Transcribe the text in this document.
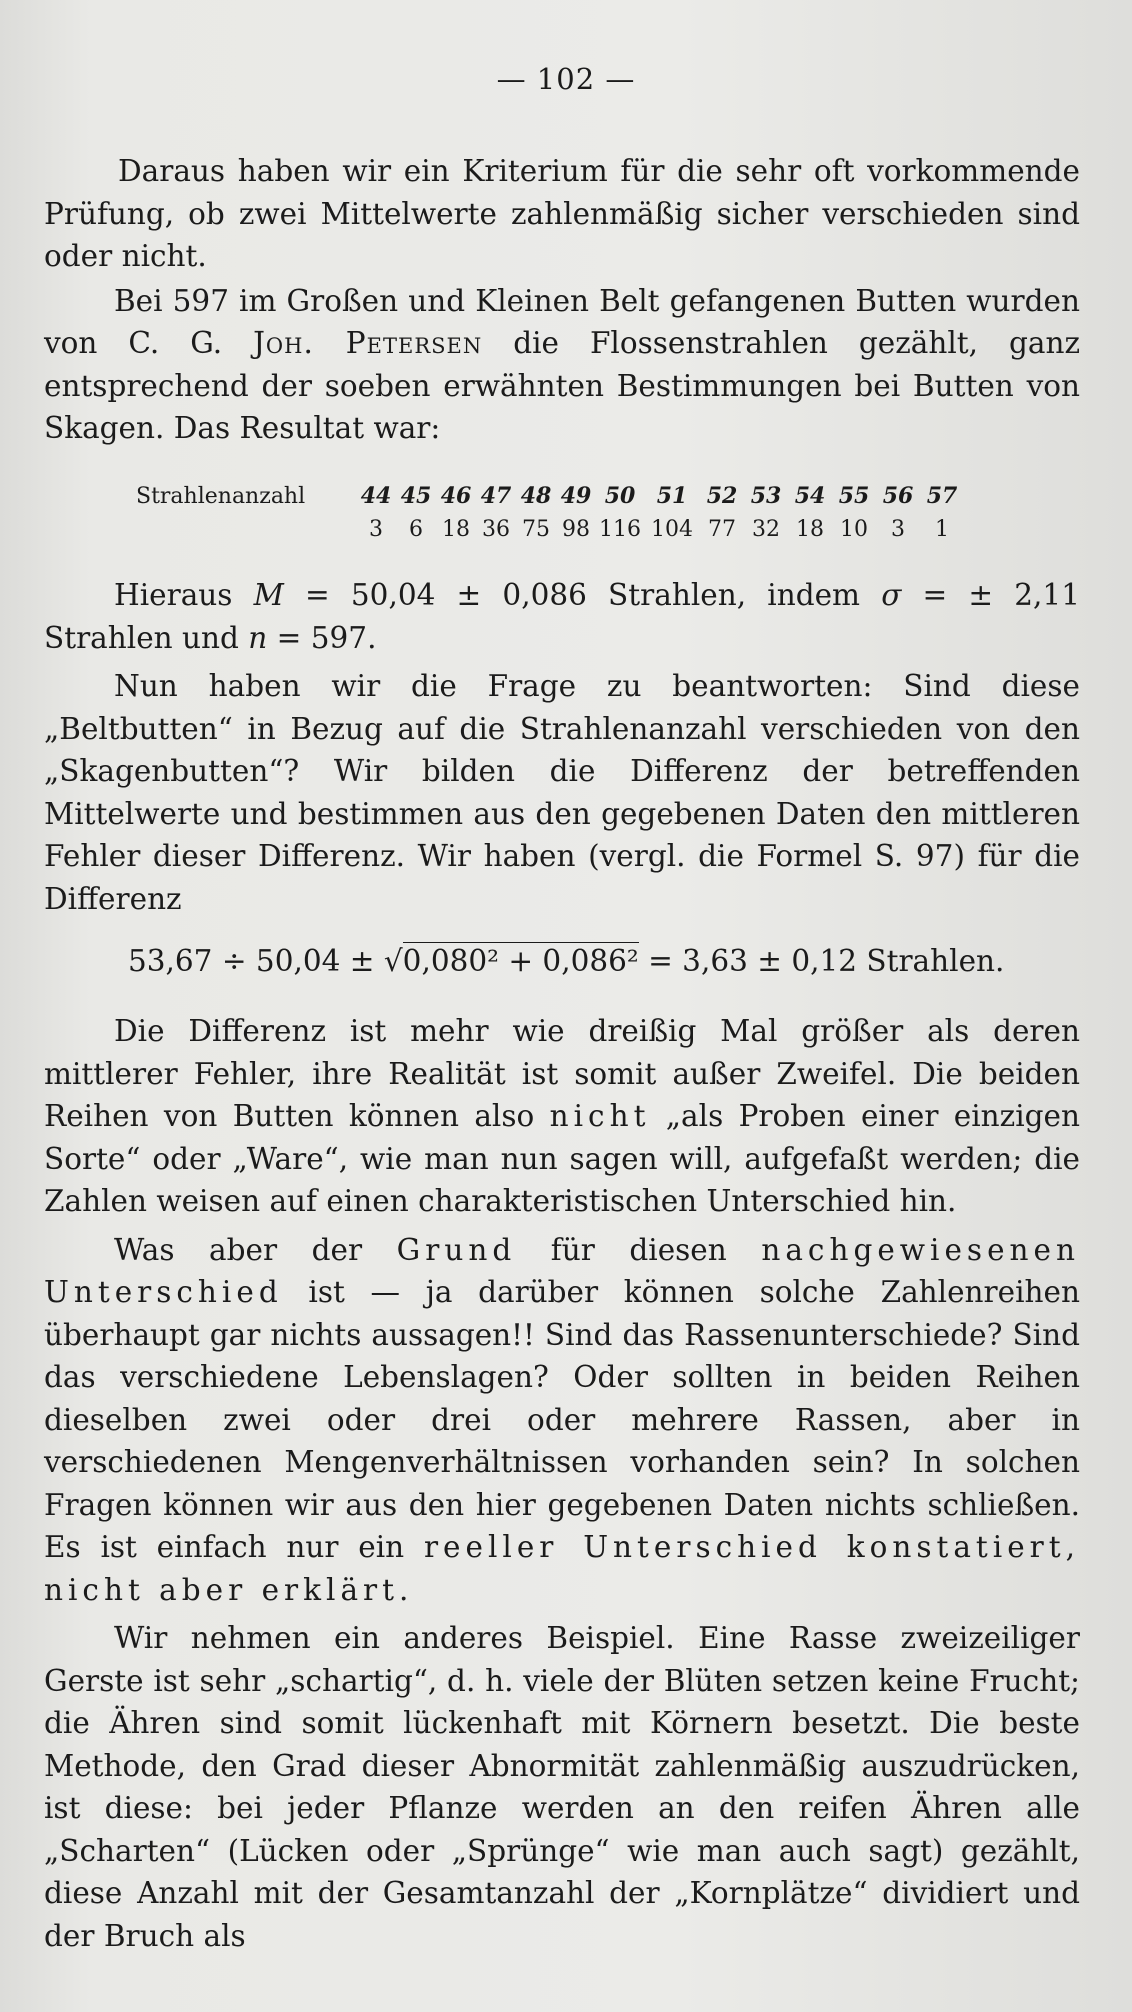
— 102 —

Daraus haben wir ein Kriterium für die sehr oft vorkommende Prüfung, ob zwei Mittelwerte zahlenmäßig sicher verschieden sind oder nicht.

Bei 597 im Großen und Kleinen Belt gefangenen Butten wurden von C. G. Joh. Petersen die Flossenstrahlen gezählt, ganz entsprechend der soeben erwähnten Bestimmungen bei Butten von Skagen. Das Resultat war:

Strahlenanzahl	44 45 46 47 48 49 50 51 52 53 54 55 56 57
3 6 18 36 75 98 116 104 77 32 18 10 3 1

Hieraus M = 50,04 ± 0,086 Strahlen, indem σ = ± 2,11 Strahlen und n = 597.

Nun haben wir die Frage zu beantworten: Sind diese „Beltbutten“ in Bezug auf die Strahlenanzahl verschieden von den „Skagenbutten“? Wir bilden die Differenz der betreffenden Mittelwerte und bestimmen aus den gegebenen Daten den mittleren Fehler dieser Differenz. Wir haben (vergl. die Formel S. 97) für die Differenz

53,67 ÷ 50,04 ± √0,080² + 0,086² = 3,63 ± 0,12 Strahlen.

Die Differenz ist mehr wie dreißig Mal größer als deren mittlerer Fehler, ihre Realität ist somit außer Zweifel. Die beiden Reihen von Butten können also nicht „als Proben einer einzigen Sorte“ oder „Ware“, wie man nun sagen will, aufgefaßt werden; die Zahlen weisen auf einen charakteristischen Unterschied hin.

Was aber der Grund für diesen nachgewiesenen Unterschied ist — ja darüber können solche Zahlenreihen überhaupt gar nichts aussagen!! Sind das Rassenunterschiede? Sind das verschiedene Lebenslagen? Oder sollten in beiden Reihen dieselben zwei oder drei oder mehrere Rassen, aber in verschiedenen Mengenverhältnissen vorhanden sein? In solchen Fragen können wir aus den hier gegebenen Daten nichts schließen. Es ist einfach nur ein reeller Unterschied konstatiert, nicht aber erklärt.

Wir nehmen ein anderes Beispiel. Eine Rasse zweizeiliger Gerste ist sehr „schartig“, d. h. viele der Blüten setzen keine Frucht; die Ähren sind somit lückenhaft mit Körnern besetzt. Die beste Methode, den Grad dieser Abnormität zahlenmäßig auszudrücken, ist diese: bei jeder Pflanze werden an den reifen Ähren alle „Scharten“ (Lücken oder „Sprünge“ wie man auch sagt) gezählt, diese Anzahl mit der Gesamtanzahl der „Kornplätze“ dividiert und der Bruch als
